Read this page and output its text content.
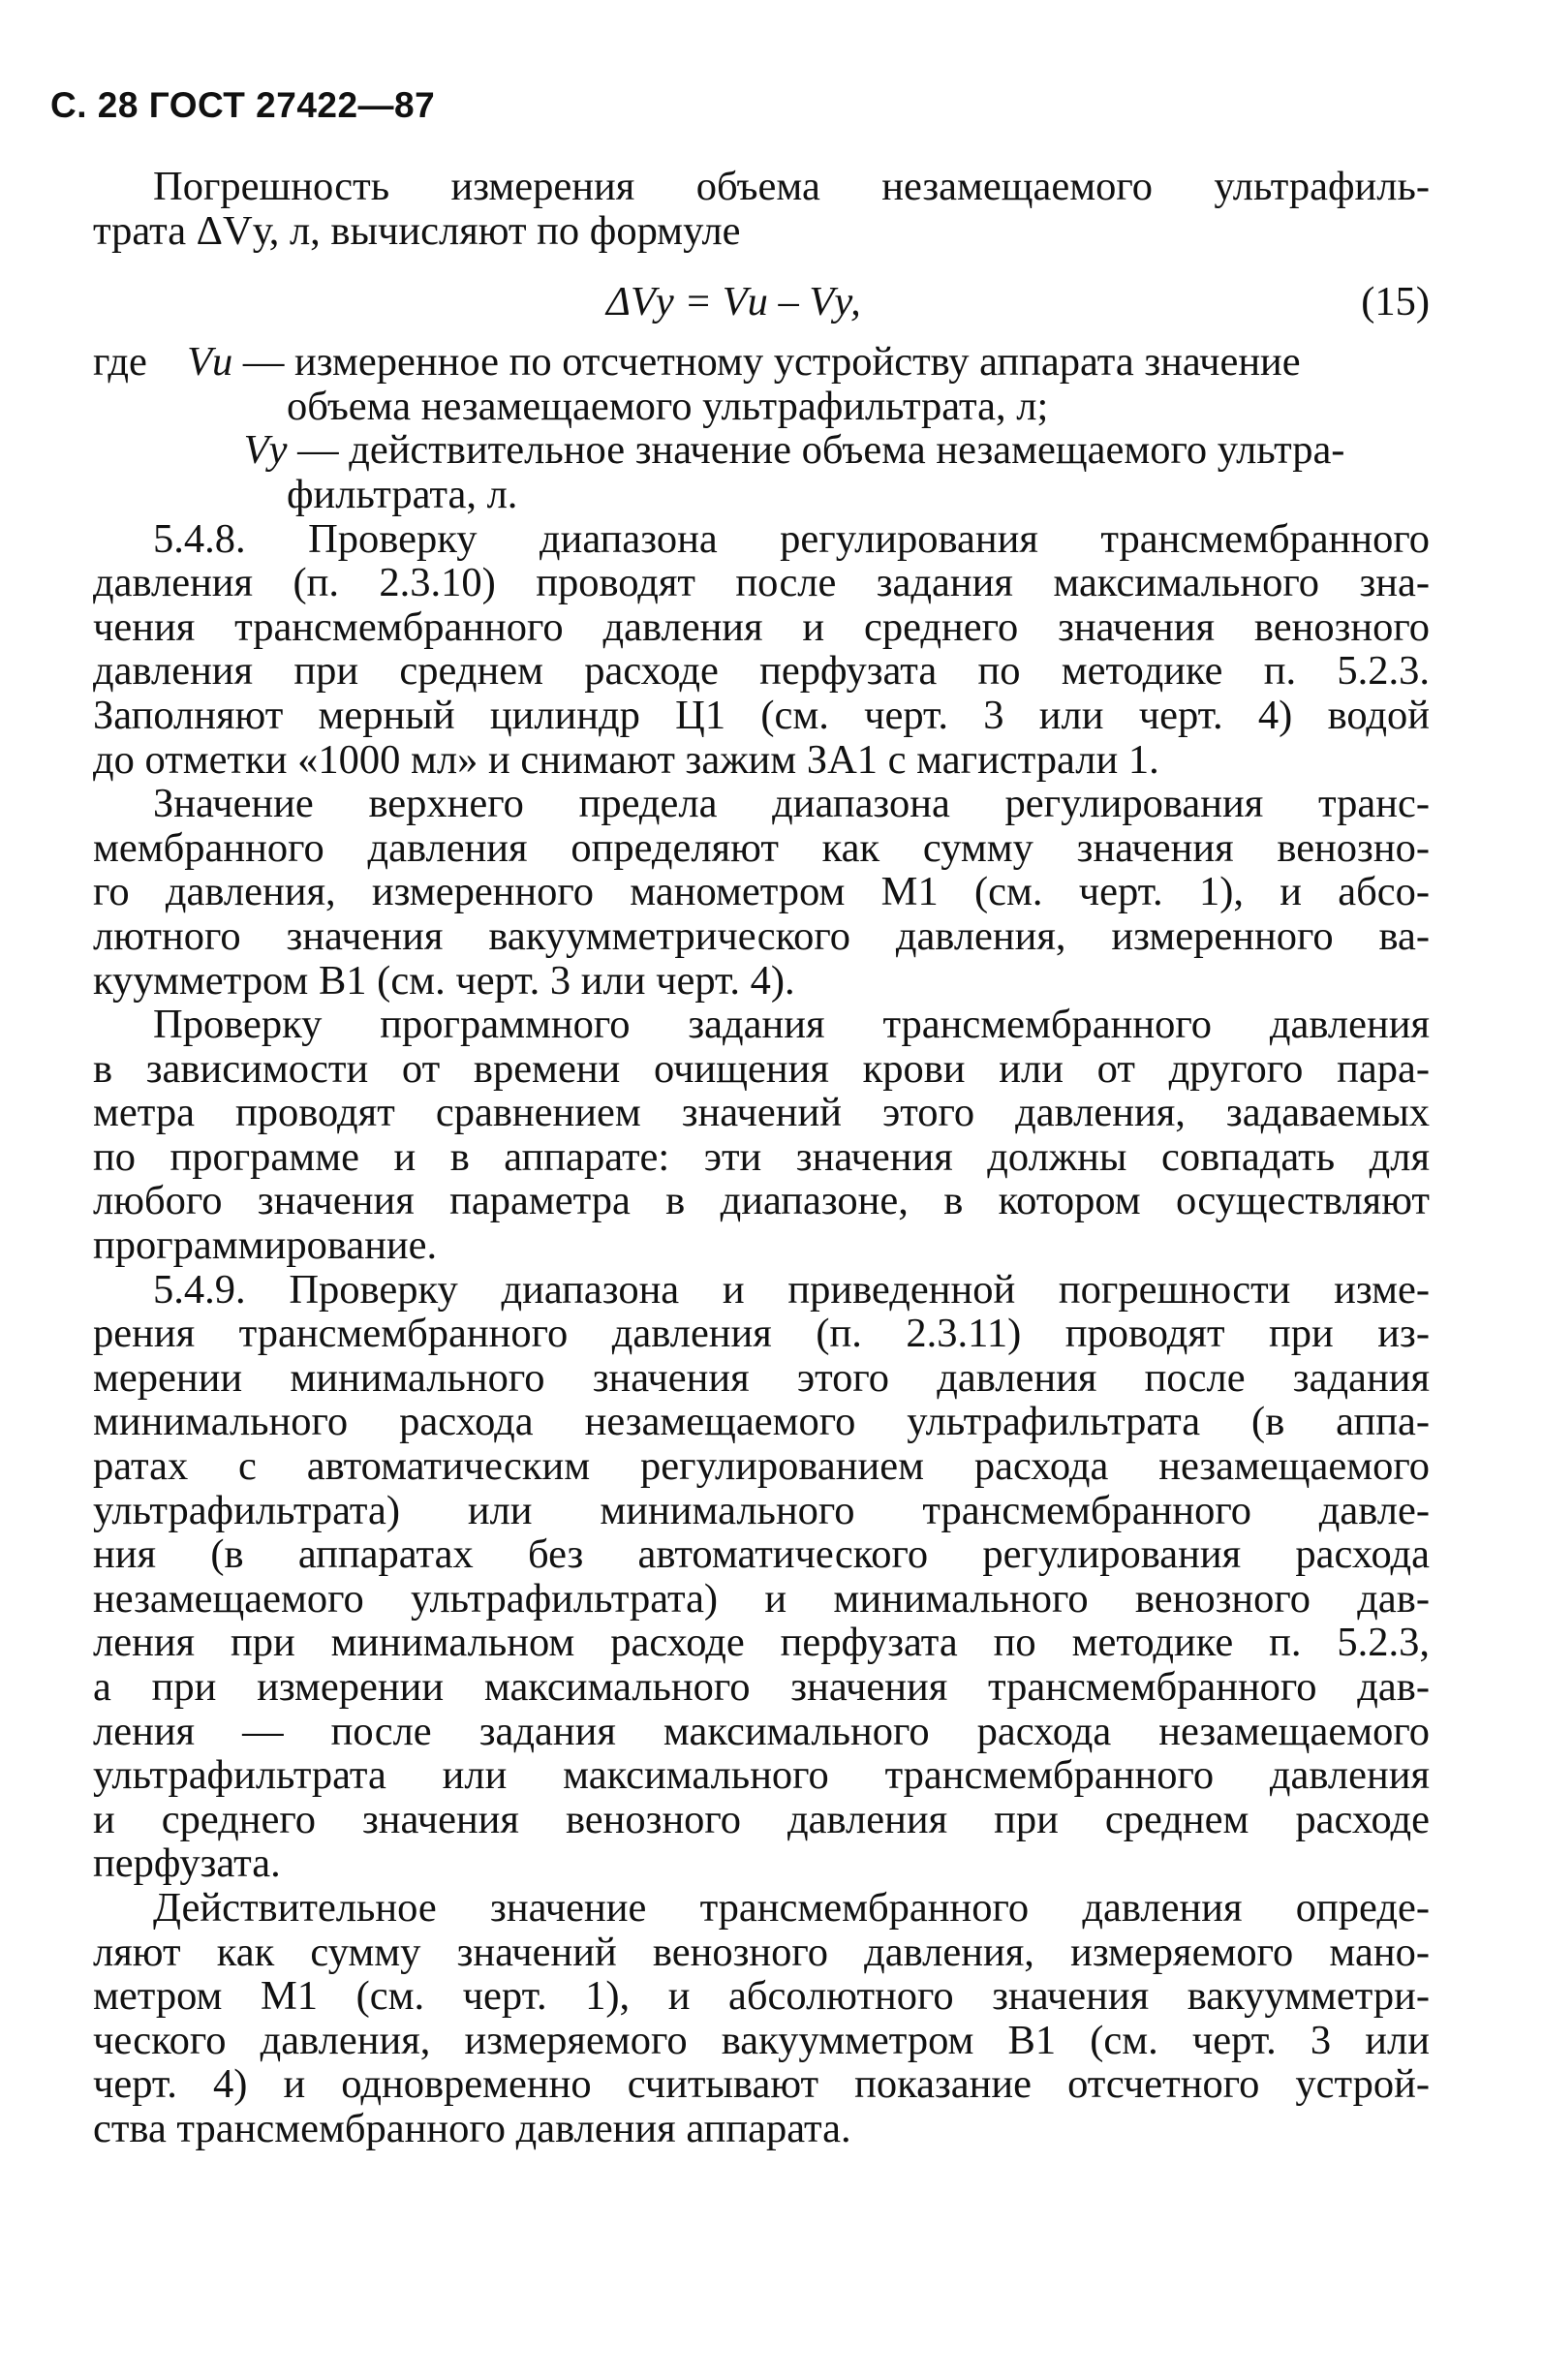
С. 28 ГОСТ 27422—87
Погрешность измерения объема незамещаемого ультрафиль-
трата ΔVу, л, вычисляют по формуле
ΔVу = Vи – Vу,	(15)
где Vи — измеренное по отсчетному устройству аппарата значение
объема незамещаемого ультрафильтрата, л;
Vу — действительное значение объема незамещаемого ультра-
фильтрата, л.
5.4.8. Проверку диапазона регулирования трансмембранного
давления (п. 2.3.10) проводят после задания максимального зна-
чения трансмембранного давления и среднего значения венозного
давления при среднем расходе перфузата по методике п. 5.2.3.
Заполняют мерный цилиндр Ц1 (см. черт. 3 или черт. 4) водой
до отметки «1000 мл» и снимают зажим ЗА1 с магистрали 1.
Значение верхнего предела диапазона регулирования транс-
мембранного давления определяют как сумму значения венозно-
го давления, измеренного манометром М1 (см. черт. 1), и абсо-
лютного значения вакуумметрического давления, измеренного ва-
куумметром В1 (см. черт. 3 или черт. 4).
Проверку программного задания трансмембранного давления
в зависимости от времени очищения крови или от другого пара-
метра проводят сравнением значений этого давления, задаваемых
по программе и в аппарате: эти значения должны совпадать для
любого значения параметра в диапазоне, в котором осуществляют
программирование.
5.4.9. Проверку диапазона и приведенной погрешности изме-
рения трансмембранного давления (п. 2.3.11) проводят при из-
мерении минимального значения этого давления после задания
минимального расхода незамещаемого ультрафильтрата (в аппа-
ратах с автоматическим регулированием расхода незамещаемого
ультрафильтрата) или минимального трансмембранного давле-
ния (в аппаратах без автоматического регулирования расхода
незамещаемого ультрафильтрата) и минимального венозного дав-
ления при минимальном расходе перфузата по методике п. 5.2.3,
а при измерении максимального значения трансмембранного дав-
ления — после задания максимального расхода незамещаемого
ультрафильтрата или максимального трансмембранного давления
и среднего значения венозного давления при среднем расходе
перфузата.
Действительное значение трансмембранного давления опреде-
ляют как сумму значений венозного давления, измеряемого мано-
метром М1 (см. черт. 1), и абсолютного значения вакуумметри-
ческого давления, измеряемого вакуумметром В1 (см. черт. 3 или
черт. 4) и одновременно считывают показание отсчетного устрой-
ства трансмембранного давления аппарата.
